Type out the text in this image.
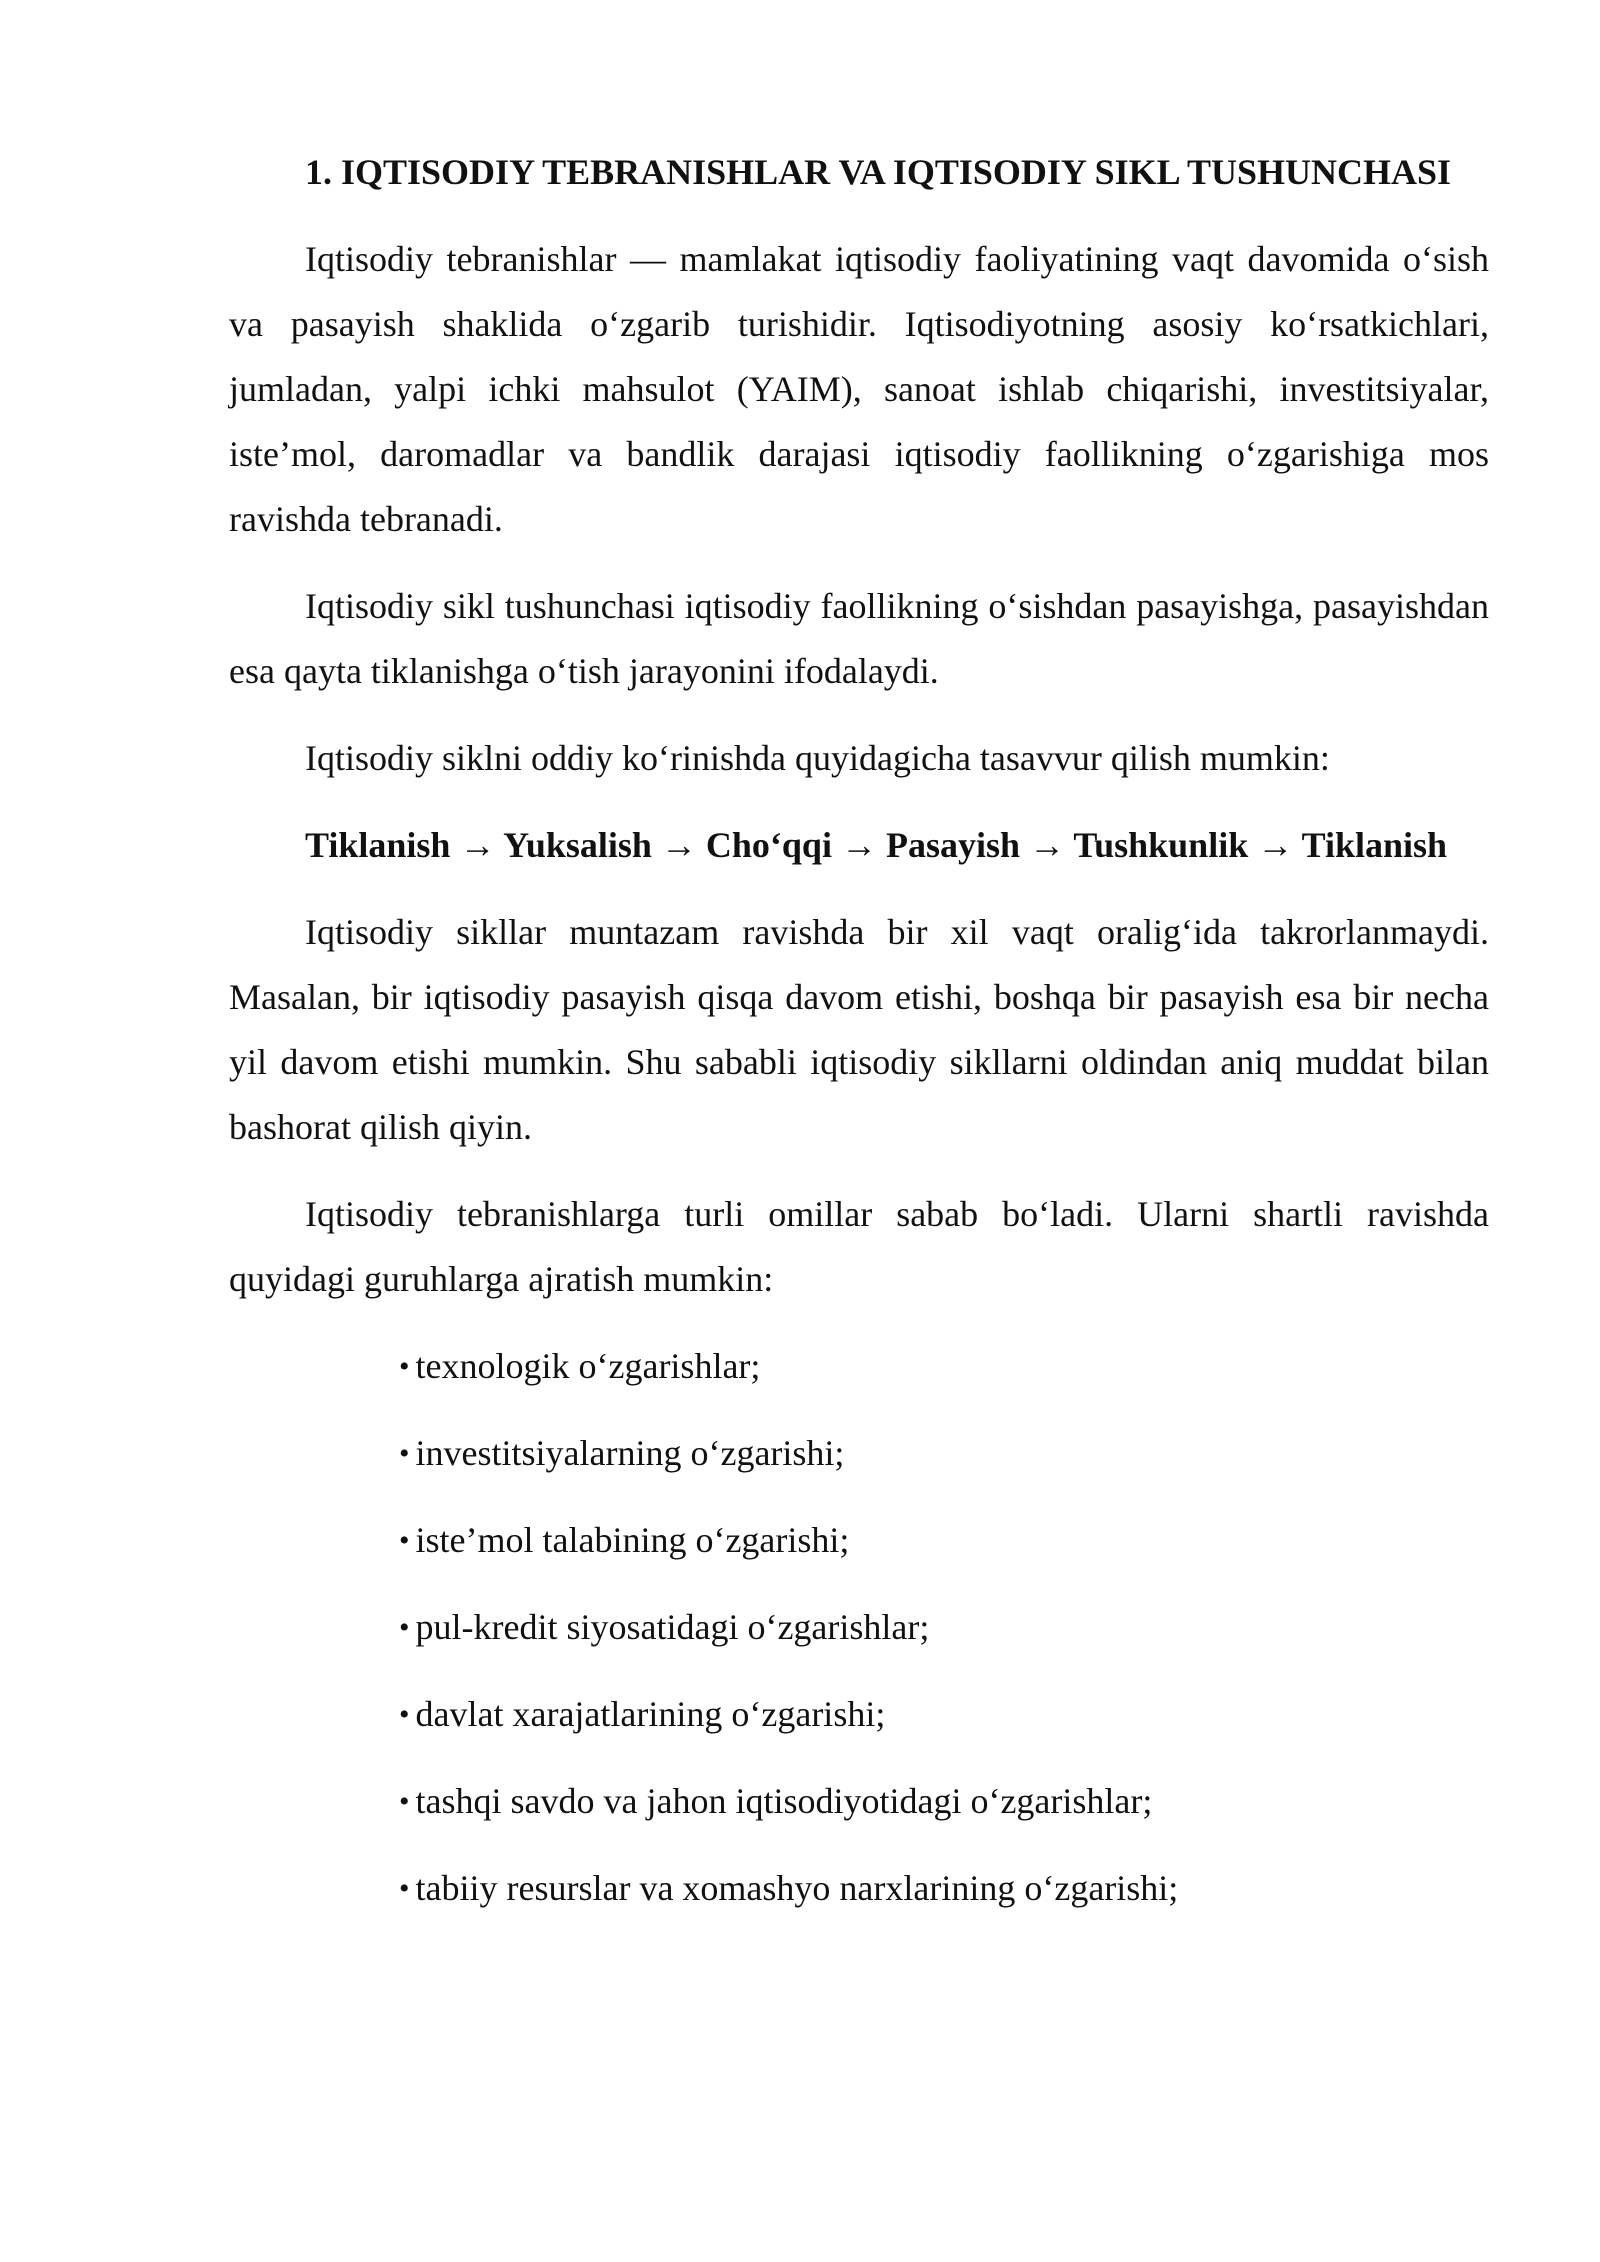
1. IQTISODIY TEBRANISHLAR VA IQTISODIY SIKL TUSHUNCHASI

Iqtisodiy tebranishlar — mamlakat iqtisodiy faoliyatining vaqt davomida o‘sish va pasayish shaklida o‘zgarib turishidir. Iqtisodiyotning asosiy ko‘rsatkichlari, jumladan, yalpi ichki mahsulot (YAIM), sanoat ishlab chiqarishi, investitsiyalar, iste’mol, daromadlar va bandlik darajasi iqtisodiy faollikning o‘zgarishiga mos ravishda tebranadi.

Iqtisodiy sikl tushunchasi iqtisodiy faollikning o‘sishdan pasayishga, pasayishdan esa qayta tiklanishga o‘tish jarayonini ifodalaydi.

Iqtisodiy siklni oddiy ko‘rinishda quyidagicha tasavvur qilish mumkin:

Tiklanish → Yuksalish → Cho‘qqi → Pasayish → Tushkunlik → Tiklanish

Iqtisodiy sikllar muntazam ravishda bir xil vaqt oralig‘ida takrorlanmaydi. Masalan, bir iqtisodiy pasayish qisqa davom etishi, boshqa bir pasayish esa bir necha yil davom etishi mumkin. Shu sababli iqtisodiy sikllarni oldindan aniq muddat bilan bashorat qilish qiyin.

Iqtisodiy tebranishlarga turli omillar sabab bo‘ladi. Ularni shartli ravishda quyidagi guruhlarga ajratish mumkin:

• texnologik o‘zgarishlar;
• investitsiyalarning o‘zgarishi;
• iste’mol talabining o‘zgarishi;
• pul-kredit siyosatidagi o‘zgarishlar;
• davlat xarajatlarining o‘zgarishi;
• tashqi savdo va jahon iqtisodiyotidagi o‘zgarishlar;
• tabiiy resurslar va xomashyo narxlarining o‘zgarishi;
